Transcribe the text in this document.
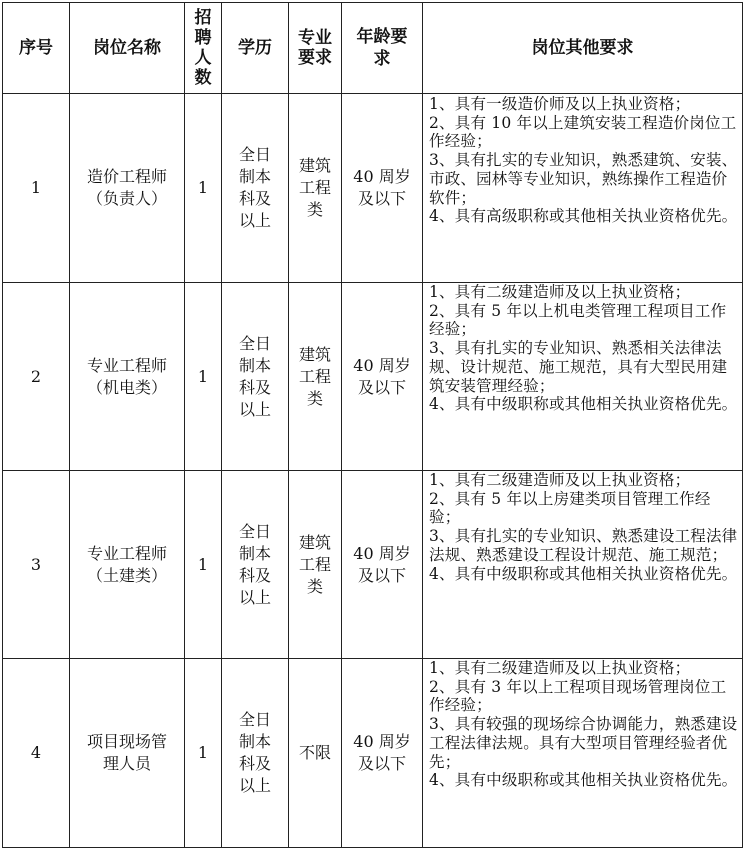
序号	岗位名称	招聘人数	学历	专业要求	年龄要求	岗位其他要求
1	造价工程师（负责人）	1	全日制本科及以上	建筑工程类	40 周岁及以下	1、具有一级造价师及以上执业资格；
2、具有 10 年以上建筑安装工程造价岗位工作经验；
3、具有扎实的专业知识，熟悉建筑、安装、市政、园林等专业知识，熟练操作工程造价软件；
4、具有高级职称或其他相关执业资格优先。

2	专业工程师（机电类）	1	全日制本科及以上	建筑工程类	40 周岁及以下	1、具有二级建造师及以上执业资格；
2、具有 5 年以上机电类管理工程项目工作经验；
3、具有扎实的专业知识、熟悉相关法律法规、设计规范、施工规范，具有大型民用建筑安装管理经验；
4、具有中级职称或其他相关执业资格优先。

3	专业工程师（土建类）	1	全日制本科及以上	建筑工程类	40 周岁及以下	1、具有二级建造师及以上执业资格；
2、具有 5 年以上房建类项目管理工作经验；
3、具有扎实的专业知识、熟悉建设工程法律法规、熟悉建设工程设计规范、施工规范；
4、具有中级职称或其他相关执业资格优先。

4	项目现场管理人员	1	全日制本科及以上	不限	40 周岁及以下	1、具有二级建造师及以上执业资格；
2、具有 3 年以上工程项目现场管理岗位工作经验；
3、具有较强的现场综合协调能力，熟悉建设工程法律法规。具有大型项目管理经验者优先；
4、具有中级职称或其他相关执业资格优先。
